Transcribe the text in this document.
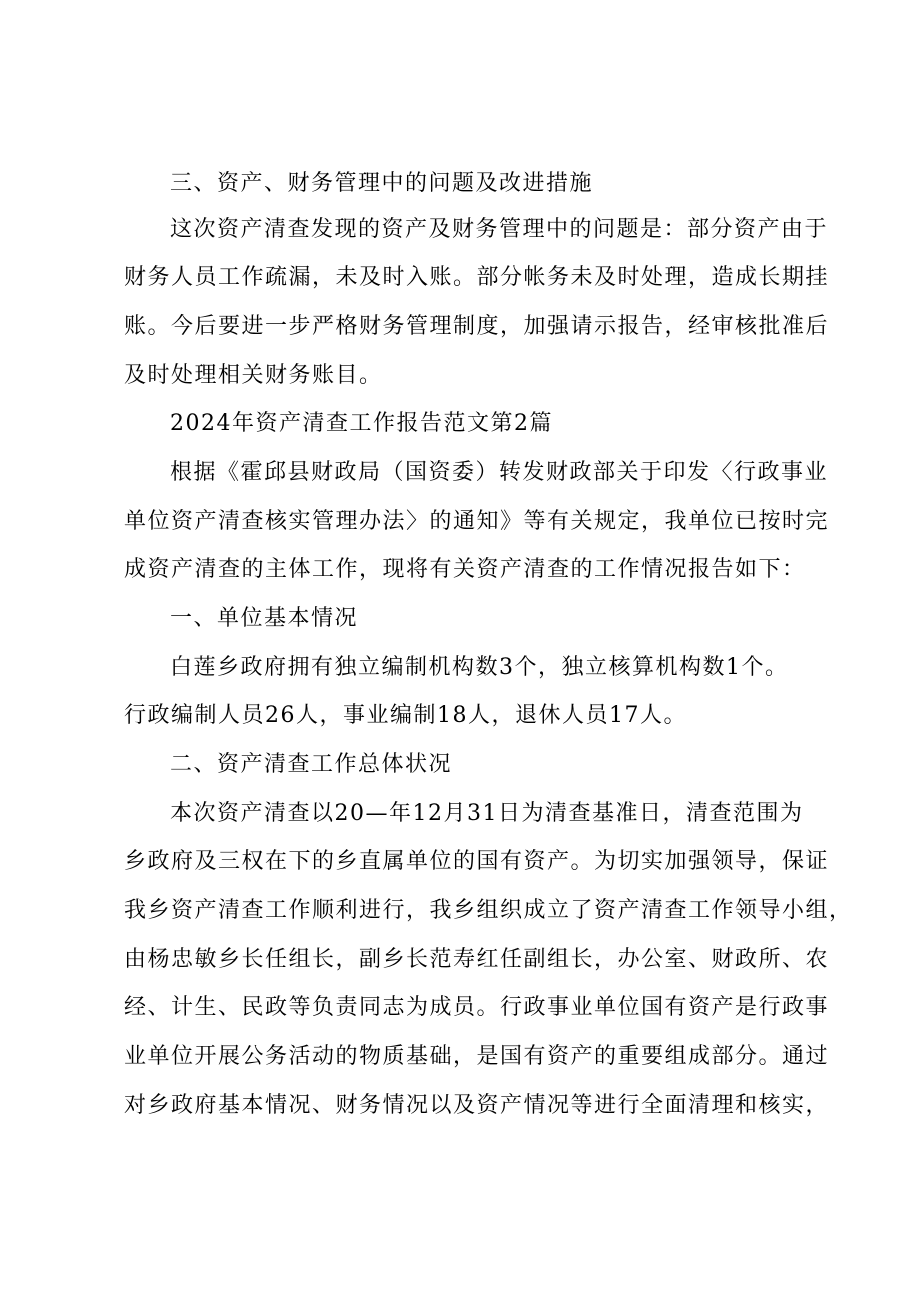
三、资产、财务管理中的问题及改进措施
这次资产清查发现的资产及财务管理中的问题是：部分资产由于
财务人员工作疏漏，未及时入账。部分帐务未及时处理，造成长期挂
账。今后要进一步严格财务管理制度，加强请示报告，经审核批准后
及时处理相关财务账目。
2024年资产清查工作报告范文第2篇
根据《霍邱县财政局（国资委）转发财政部关于印发〈行政事业
单位资产清查核实管理办法〉的通知》等有关规定，我单位已按时完
成资产清查的主体工作，现将有关资产清查的工作情况报告如下：
一、单位基本情况
白莲乡政府拥有独立编制机构数3个，独立核算机构数1个。
行政编制人员26人，事业编制18人，退休人员17人。
二、资产清查工作总体状况
本次资产清查以20—年12月31日为清查基准日，清查范围为
乡政府及三权在下的乡直属单位的国有资产。为切实加强领导，保证
我乡资产清查工作顺利进行，我乡组织成立了资产清查工作领导小组，
由杨忠敏乡长任组长，副乡长范寿红任副组长，办公室、财政所、农
经、计生、民政等负责同志为成员。行政事业单位国有资产是行政事
业单位开展公务活动的物质基础，是国有资产的重要组成部分。通过
对乡政府基本情况、财务情况以及资产情况等进行全面清理和核实，
